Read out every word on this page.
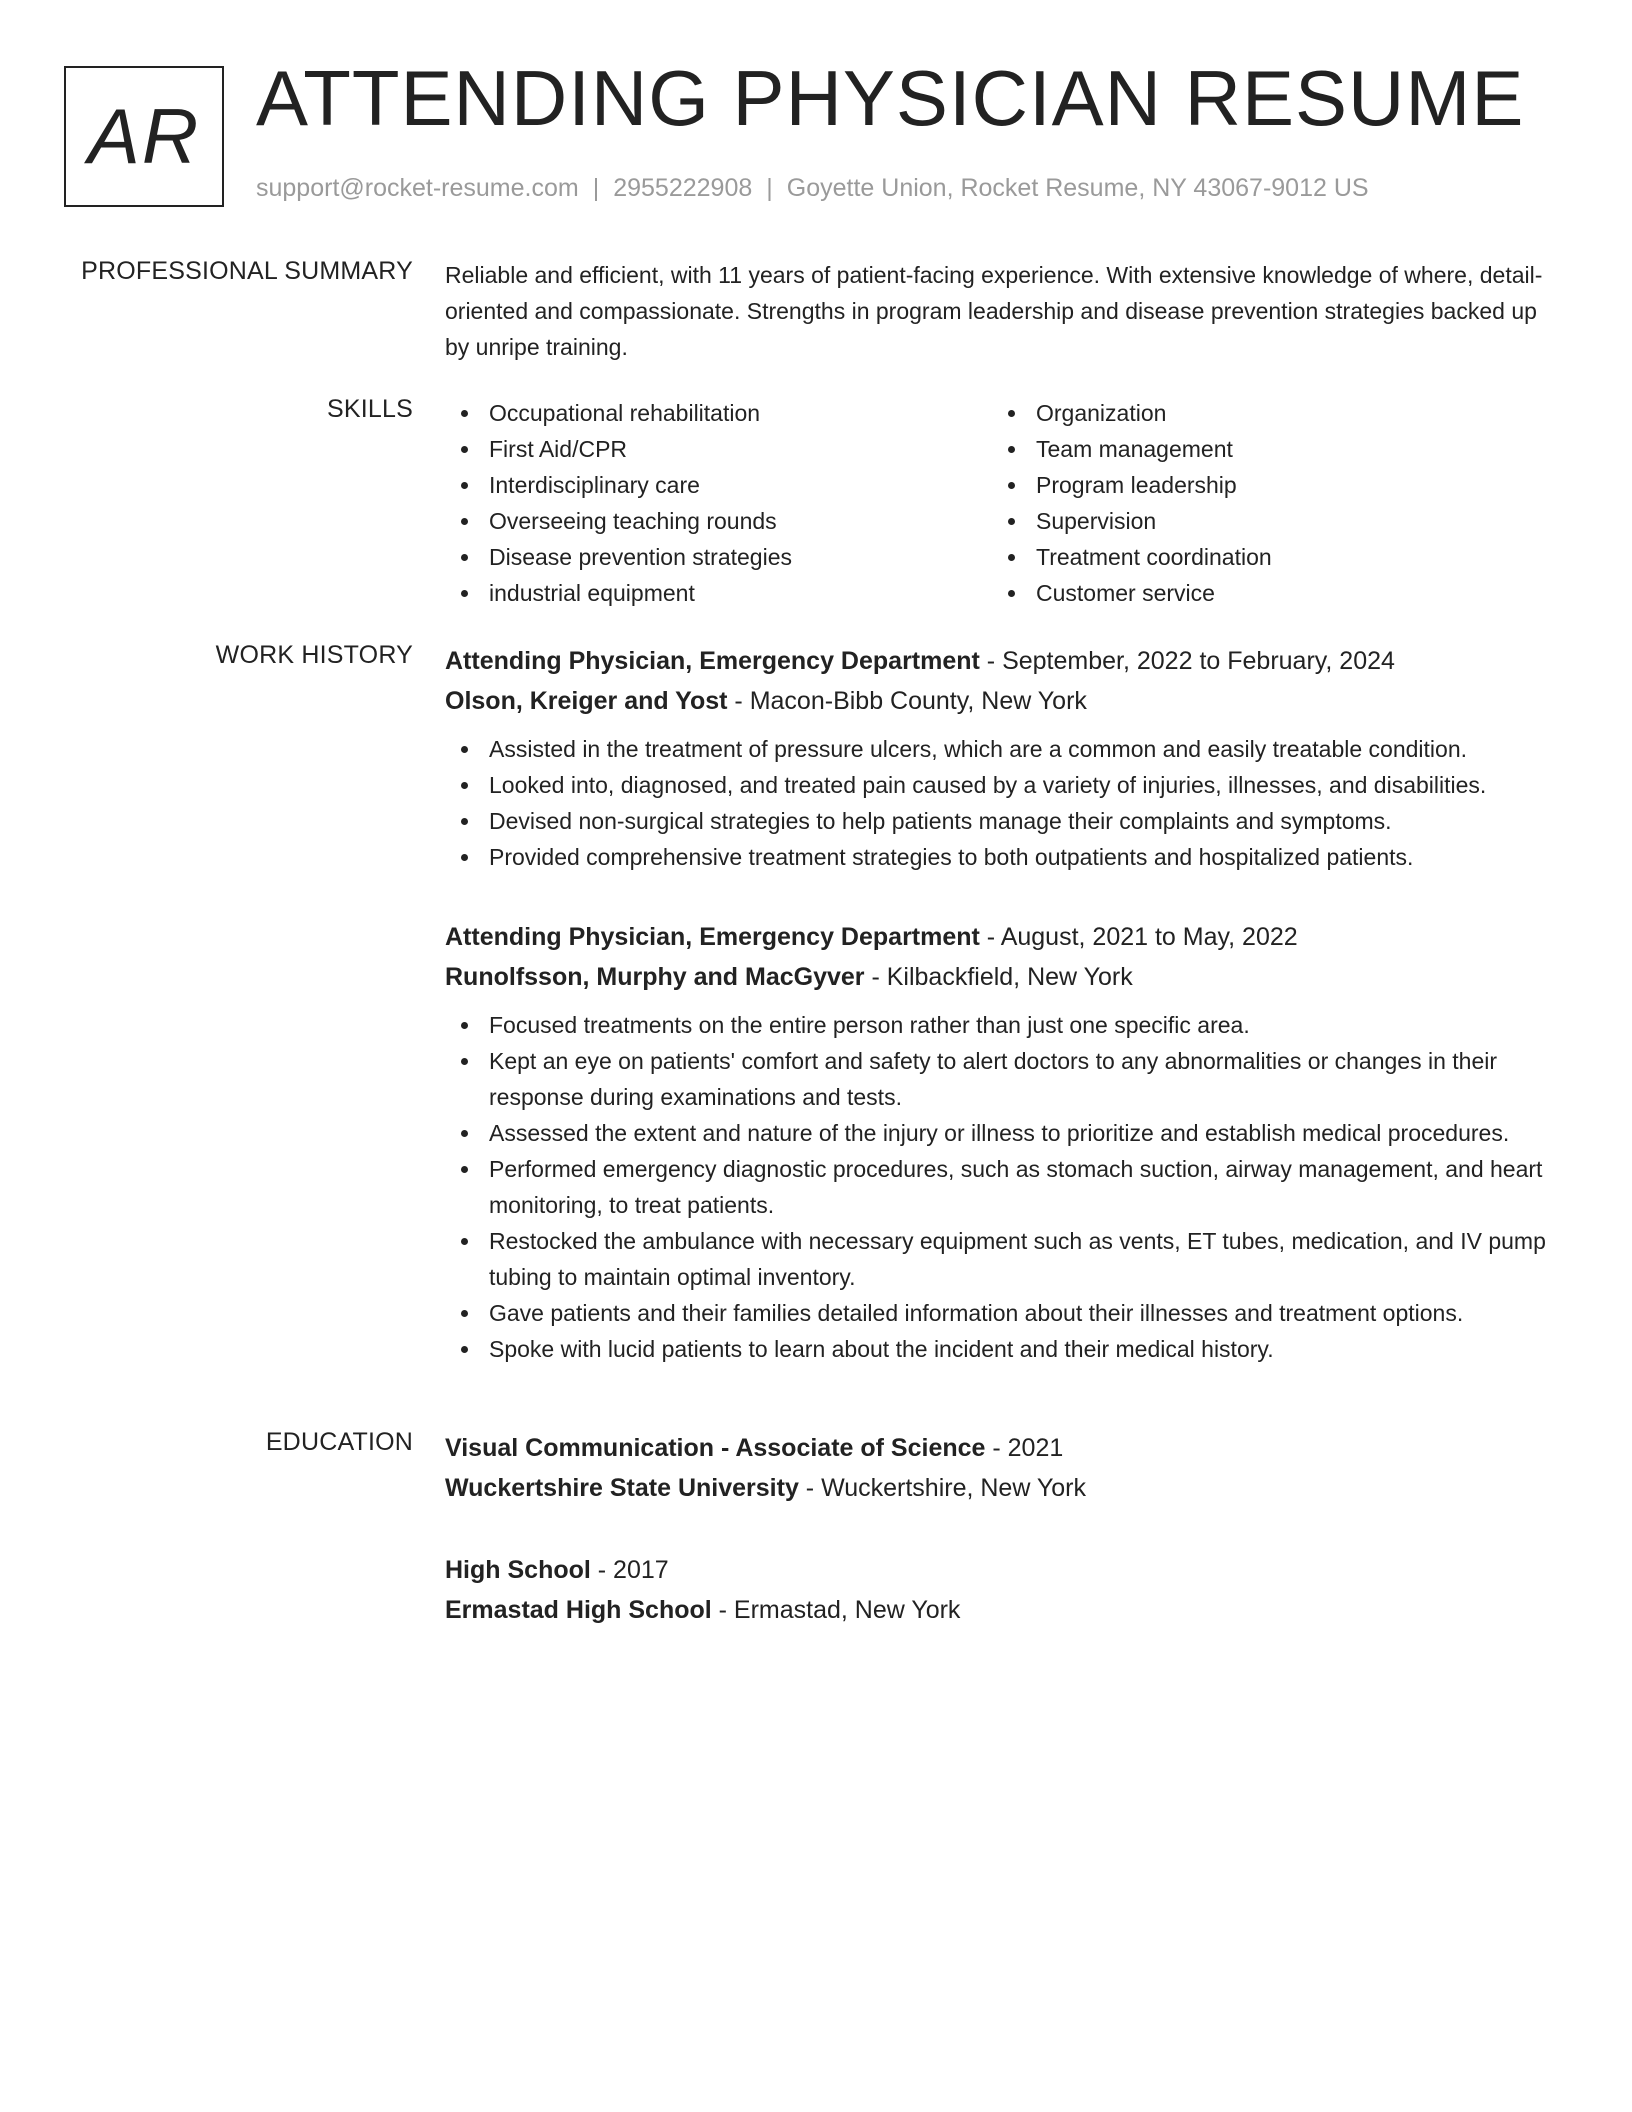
AR ATTENDING PHYSICIAN RESUME
support@rocket-resume.com | 2955222908 | Goyette Union, Rocket Resume, NY 43067-9012 US
PROFESSIONAL SUMMARY Reliable and efficient, with 11 years of patient-facing experience. With extensive knowledge of where, detail-oriented and compassionate. Strengths in program leadership and disease prevention strategies backed up by unripe training.
SKILLS	Occupational rehabilitation
First Aid/CPR
Interdisciplinary care
Overseeing teaching rounds
Disease prevention strategies
industrial equipment
Organization
Team management
Program leadership
Supervision
Treatment coordination
Customer service
WORK HISTORY Attending Physician, Emergency Department - September, 2022 to February, 2024
Olson, Kreiger and Yost - Macon-Bibb County, New York
Assisted in the treatment of pressure ulcers, which are a common and easily treatable condition.
Looked into, diagnosed, and treated pain caused by a variety of injuries, illnesses, and disabilities.
Devised non-surgical strategies to help patients manage their complaints and symptoms.
Provided comprehensive treatment strategies to both outpatients and hospitalized patients.
Attending Physician, Emergency Department - August, 2021 to May, 2022
Runolfsson, Murphy and MacGyver - Kilbackfield, New York
Focused treatments on the entire person rather than just one specific area.
Kept an eye on patients' comfort and safety to alert doctors to any abnormalities or changes in their response during examinations and tests.
Assessed the extent and nature of the injury or illness to prioritize and establish medical procedures.
Performed emergency diagnostic procedures, such as stomach suction, airway management, and heart monitoring, to treat patients.
Restocked the ambulance with necessary equipment such as vents, ET tubes, medication, and IV pump tubing to maintain optimal inventory.
Gave patients and their families detailed information about their illnesses and treatment options.
Spoke with lucid patients to learn about the incident and their medical history.
EDUCATION Visual Communication - Associate of Science - 2021
Wuckertshire State University - Wuckertshire, New York
High School - 2017
Ermastad High School - Ermastad, New York
